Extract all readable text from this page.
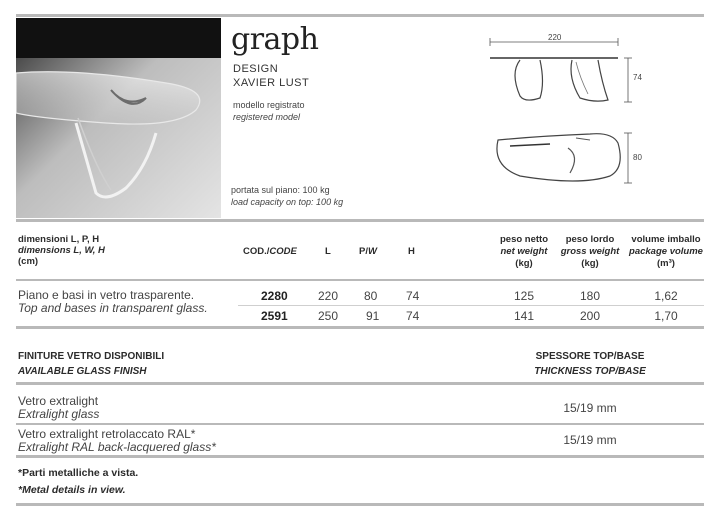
graph
DESIGN
XAVIER LUST
modello registrato
registered model
portata sul piano: 100 kg
load capacity on top: 100 kg
220
74
80
dimensioni L, P, H
dimensions L, W, H
(cm)
COD./CODE	L	P/W	H
peso netto
net weight
(kg)
peso lordo
gross weight
(kg)
volume imballo
package volume
(m³)
Piano e basi in vetro trasparente.
Top and bases in transparent glass.
2280	220 80 74	125	180	1,62
2591	250 91 74	141	200	1,70
FINITURE VETRO DISPONIBILI
AVAILABLE GLASS FINISH
SPESSORE TOP/BASE
THICKNESS TOP/BASE
Vetro extralight
Extralight glass	15/19 mm
Vetro extralight retrolaccato RAL*
Extralight RAL back-lacquered glass*	15/19 mm
*Parti metalliche a vista.
*Metal details in view.
